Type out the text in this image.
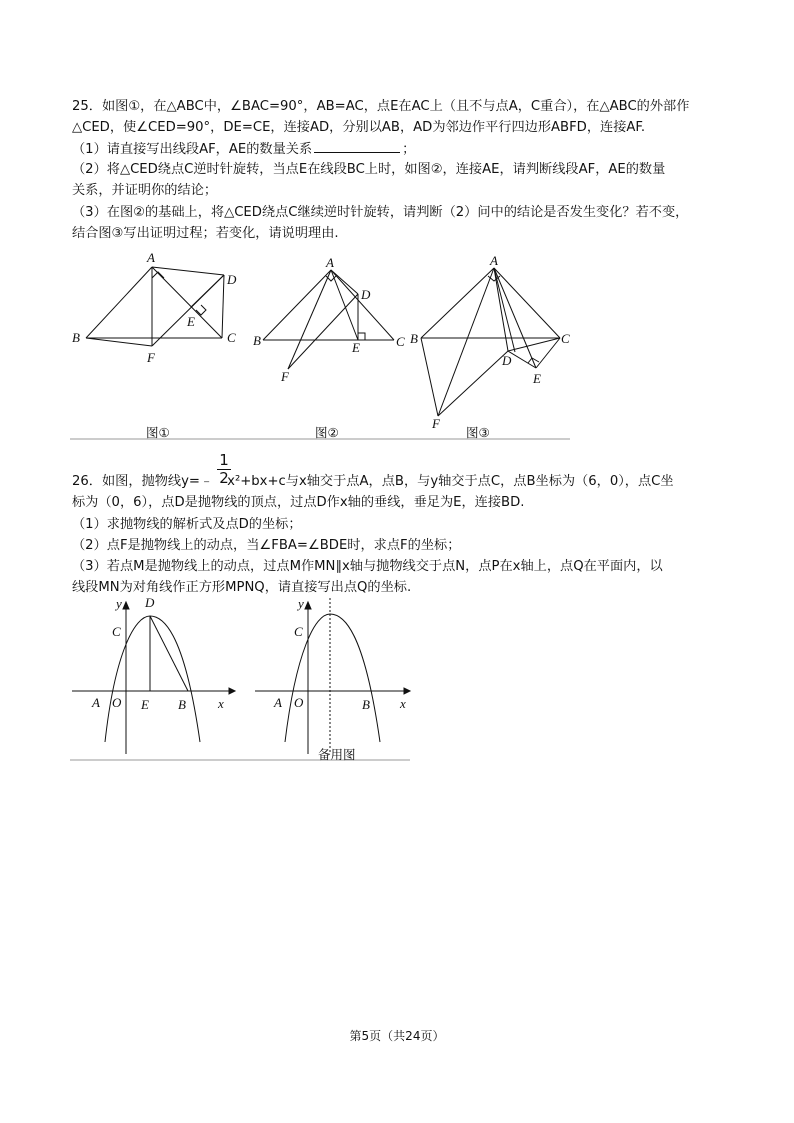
25．如图①，在△ABC中，∠BAC=90°，AB=AC，点E在AC上（且不与点A，C重合），在△ABC的外部作
△CED，使∠CED=90°，DE=CE，连接AD，分别以AB，AD为邻边作平行四边形ABFD，连接AF.
（1）请直接写出线段AF，AE的数量关系	；
（2）将△CED绕点C逆时针旋转，当点E在线段BC上时，如图②，连接AE，请判断线段AF，AE的数量
关系，并证明你的结论；
（3）在图②的基础上，将△CED绕点C继续逆时针旋转，请判断（2）问中的结论是否发生变化？若不变，
结合图③写出证明过程；若变化，请说明理由.
A
B	C
D
E
F
A
B	C
D
E
F
A
B	C
D
E
F
图①	图②	图③
26．如图，抛物线y=﹣ x²+bx+c与x轴交于点A，点B，与y轴交于点C，点B坐标为（6，0），点C坐
$\frac{1}{2}$
标为（0，6），点D是抛物线的顶点，过点D作x轴的垂线，垂足为E，连接BD.
（1）求抛物线的解析式及点D的坐标；
（2）点F是抛物线上的动点，当∠FBA=∠BDE时，求点F的坐标；
（3）若点M是抛物线上的动点，过点M作MN∥x轴与抛物线交于点N，点P在x轴上，点Q在平面内，以
线段MN为对角线作正方形MPNQ，请直接写出点Q的坐标.
y D
C
A O E B x
y
C
A O	B x
备用图
第5页（共24页）
